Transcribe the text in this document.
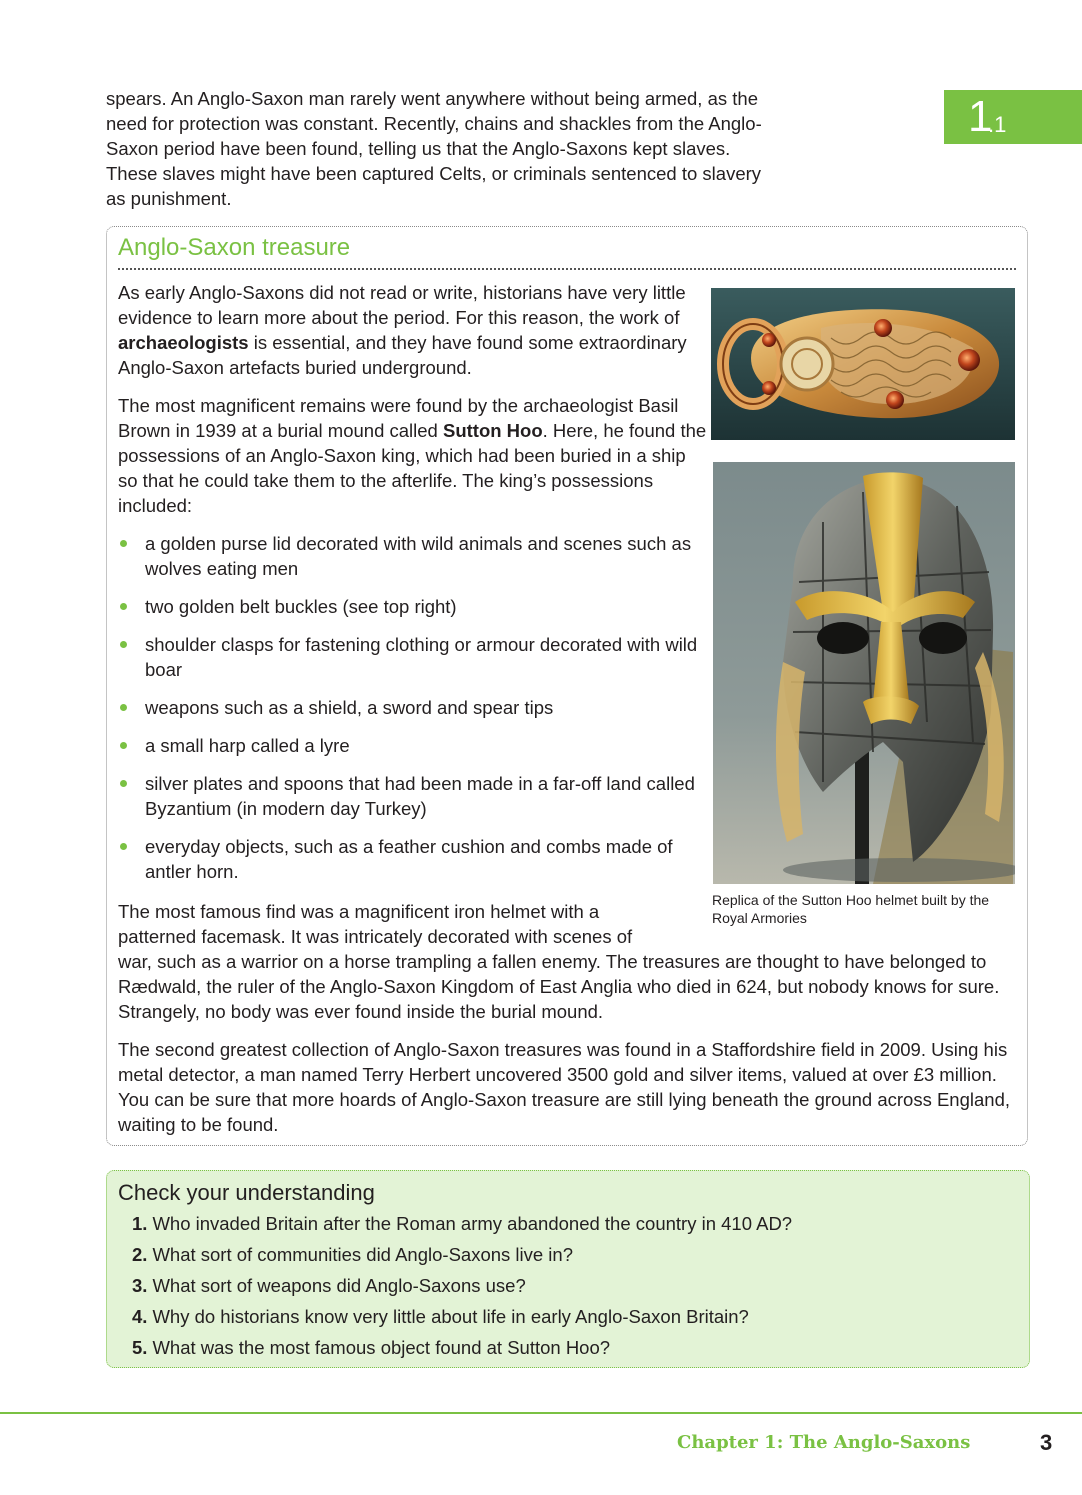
spears. An Anglo-Saxon man rarely went anywhere without being armed, as the need for protection was constant. Recently, chains and shackles from the Anglo-Saxon period have been found, telling us that the Anglo-Saxons kept slaves. These slaves might have been captured Celts, or criminals sentenced to slavery as punishment.

1
.1
Anglo-Saxon treasure

As early Anglo-Saxons did not read or write, historians have very little evidence to learn more about the period. For this reason, the work of archaeologists is essential, and they have found some extraordinary Anglo-Saxon artefacts buried underground.

The most magnificent remains were found by the archaeologist Basil Brown in 1939 at a burial mound called Sutton Hoo. Here, he found the possessions of an Anglo-Saxon king, which had been buried in a ship so that he could take them to the afterlife. The king’s possessions included:

a golden purse lid decorated with wild animals and scenes such as wolves eating men
two golden belt buckles (see top right)
shoulder clasps for fastening clothing or armour decorated with wild boar
weapons such as a shield, a sword and spear tips
a small harp called a lyre
silver plates and spoons that had been made in a far-off land called Byzantium (in modern day Turkey)
everyday objects, such as a feather cushion and combs made of antler horn.

The most famous find was a magnificent iron helmet with a
patterned facemask. It was intricately decorated with scenes of

war, such as a warrior on a horse trampling a fallen enemy. The treasures are thought to have belonged to Rædwald, the ruler of the Anglo-Saxon Kingdom of East Anglia who died in 624, but nobody knows for sure. Strangely, no body was ever found inside the burial mound.

The second greatest collection of Anglo-Saxon treasures was found in a Staffordshire field in 2009. Using his metal detector, a man named Terry Herbert uncovered 3500 gold and silver items, valued at over £3 million. You can be sure that more hoards of Anglo-Saxon treasure are still lying beneath the ground across England, waiting to be found.

Replica of the Sutton Hoo helmet built by the Royal Armories

Check your understanding
1. Who invaded Britain after the Roman army abandoned the country in 410 AD?
2. What sort of communities did Anglo-Saxons live in?
3. What sort of weapons did Anglo-Saxons use?
4. Why do historians know very little about life in early Anglo-Saxon Britain?
5. What was the most famous object found at Sutton Hoo?
Chapter 1: The Anglo-Saxons	3
